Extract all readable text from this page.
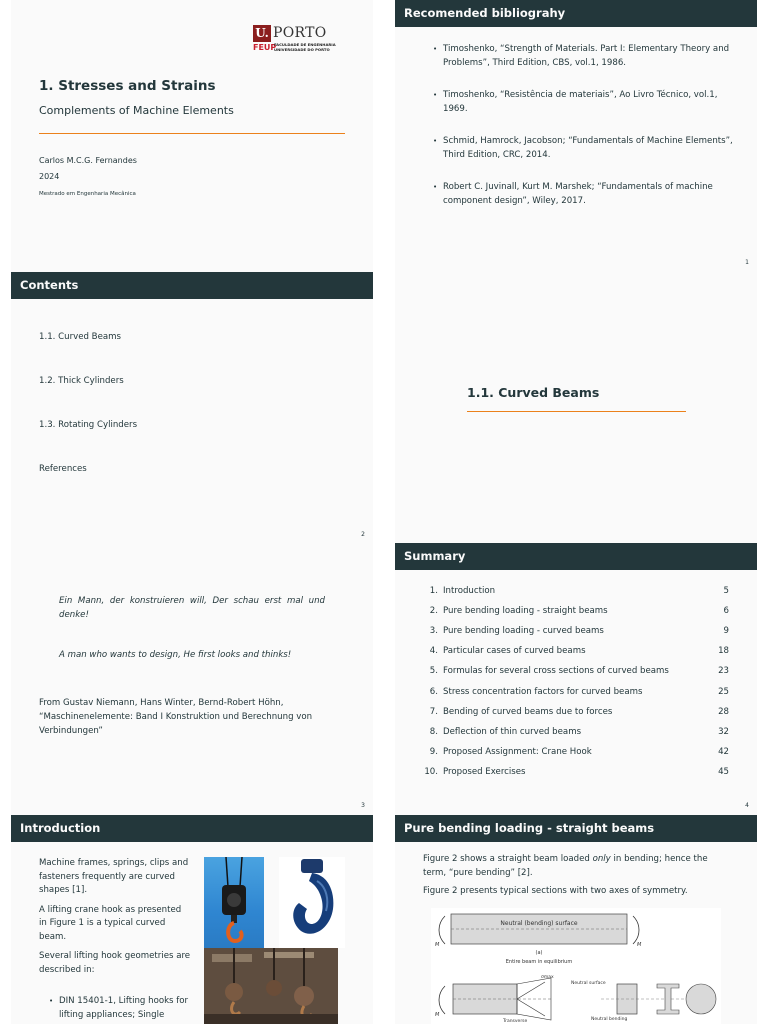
U. PORTO
FEUP
FACULDADE DE ENGENHARIA
UNIVERSIDADE DO PORTO
1. Stresses and Strains
Complements of Machine Elements
Carlos M.C.G. Fernandes
2024
Mestrado em Engenharia Mecânica
Recomended bibliograhy
• Timoshenko, “Strength of Materials. Part I: Elementary Theory and Problems”, Third Edition, CBS, vol.1, 1986.
• Timoshenko, “Resistência de materiais”, Ao Livro Técnico, vol.1, 1969.
• Schmid, Hamrock, Jacobson; “Fundamentals of Machine Elements”, Third Edition, CRC, 2014.
• Robert C. Juvinall, Kurt M. Marshek; “Fundamentals of machine component design”, Wiley, 2017.
1
Contents
1.1. Curved Beams
1.2. Thick Cylinders
1.3. Rotating Cylinders
References
2
1.1. Curved Beams
Ein Mann, der konstruieren will, Der schau erst mal und denke!
A man who wants to design, He first looks and thinks!
From Gustav Niemann, Hans Winter, Bernd-Robert Höhn, “Maschinenelemente: Band I Konstruktion und Berechnung von Verbindungen”
3
Summary
1. Introduction	5
2. Pure bending loading - straight beams	6
3. Pure bending loading - curved beams	9
4. Particular cases of curved beams	18
5. Formulas for several cross sections of curved beams	23
6. Stress concentration factors for curved beams	25
7. Bending of curved beams due to forces	28
8. Deflection of thin curved beams	32
9. Proposed Assignment: Crane Hook	42
10. Proposed Exercises	45
4
Introduction

Machine frames, springs, clips and fasteners frequently are curved shapes [1].

A lifting crane hook as presented in Figure 1 is a typical curved beam.

Several lifting hook geometries are described in:

• DIN 15401-1, Lifting hooks for lifting appliances; Single
Pure bending loading - straight beams
Figure 2 shows a straight beam loaded only in bending; hence the term, “pure bending” [2].
Figure 2 presents typical sections with two axes of symmetry.
Neutral (bending) surface
M	M
(a)
Entire beam in equilibrium
σmax
M
Neutral surface
Transverse	Neutral bending
